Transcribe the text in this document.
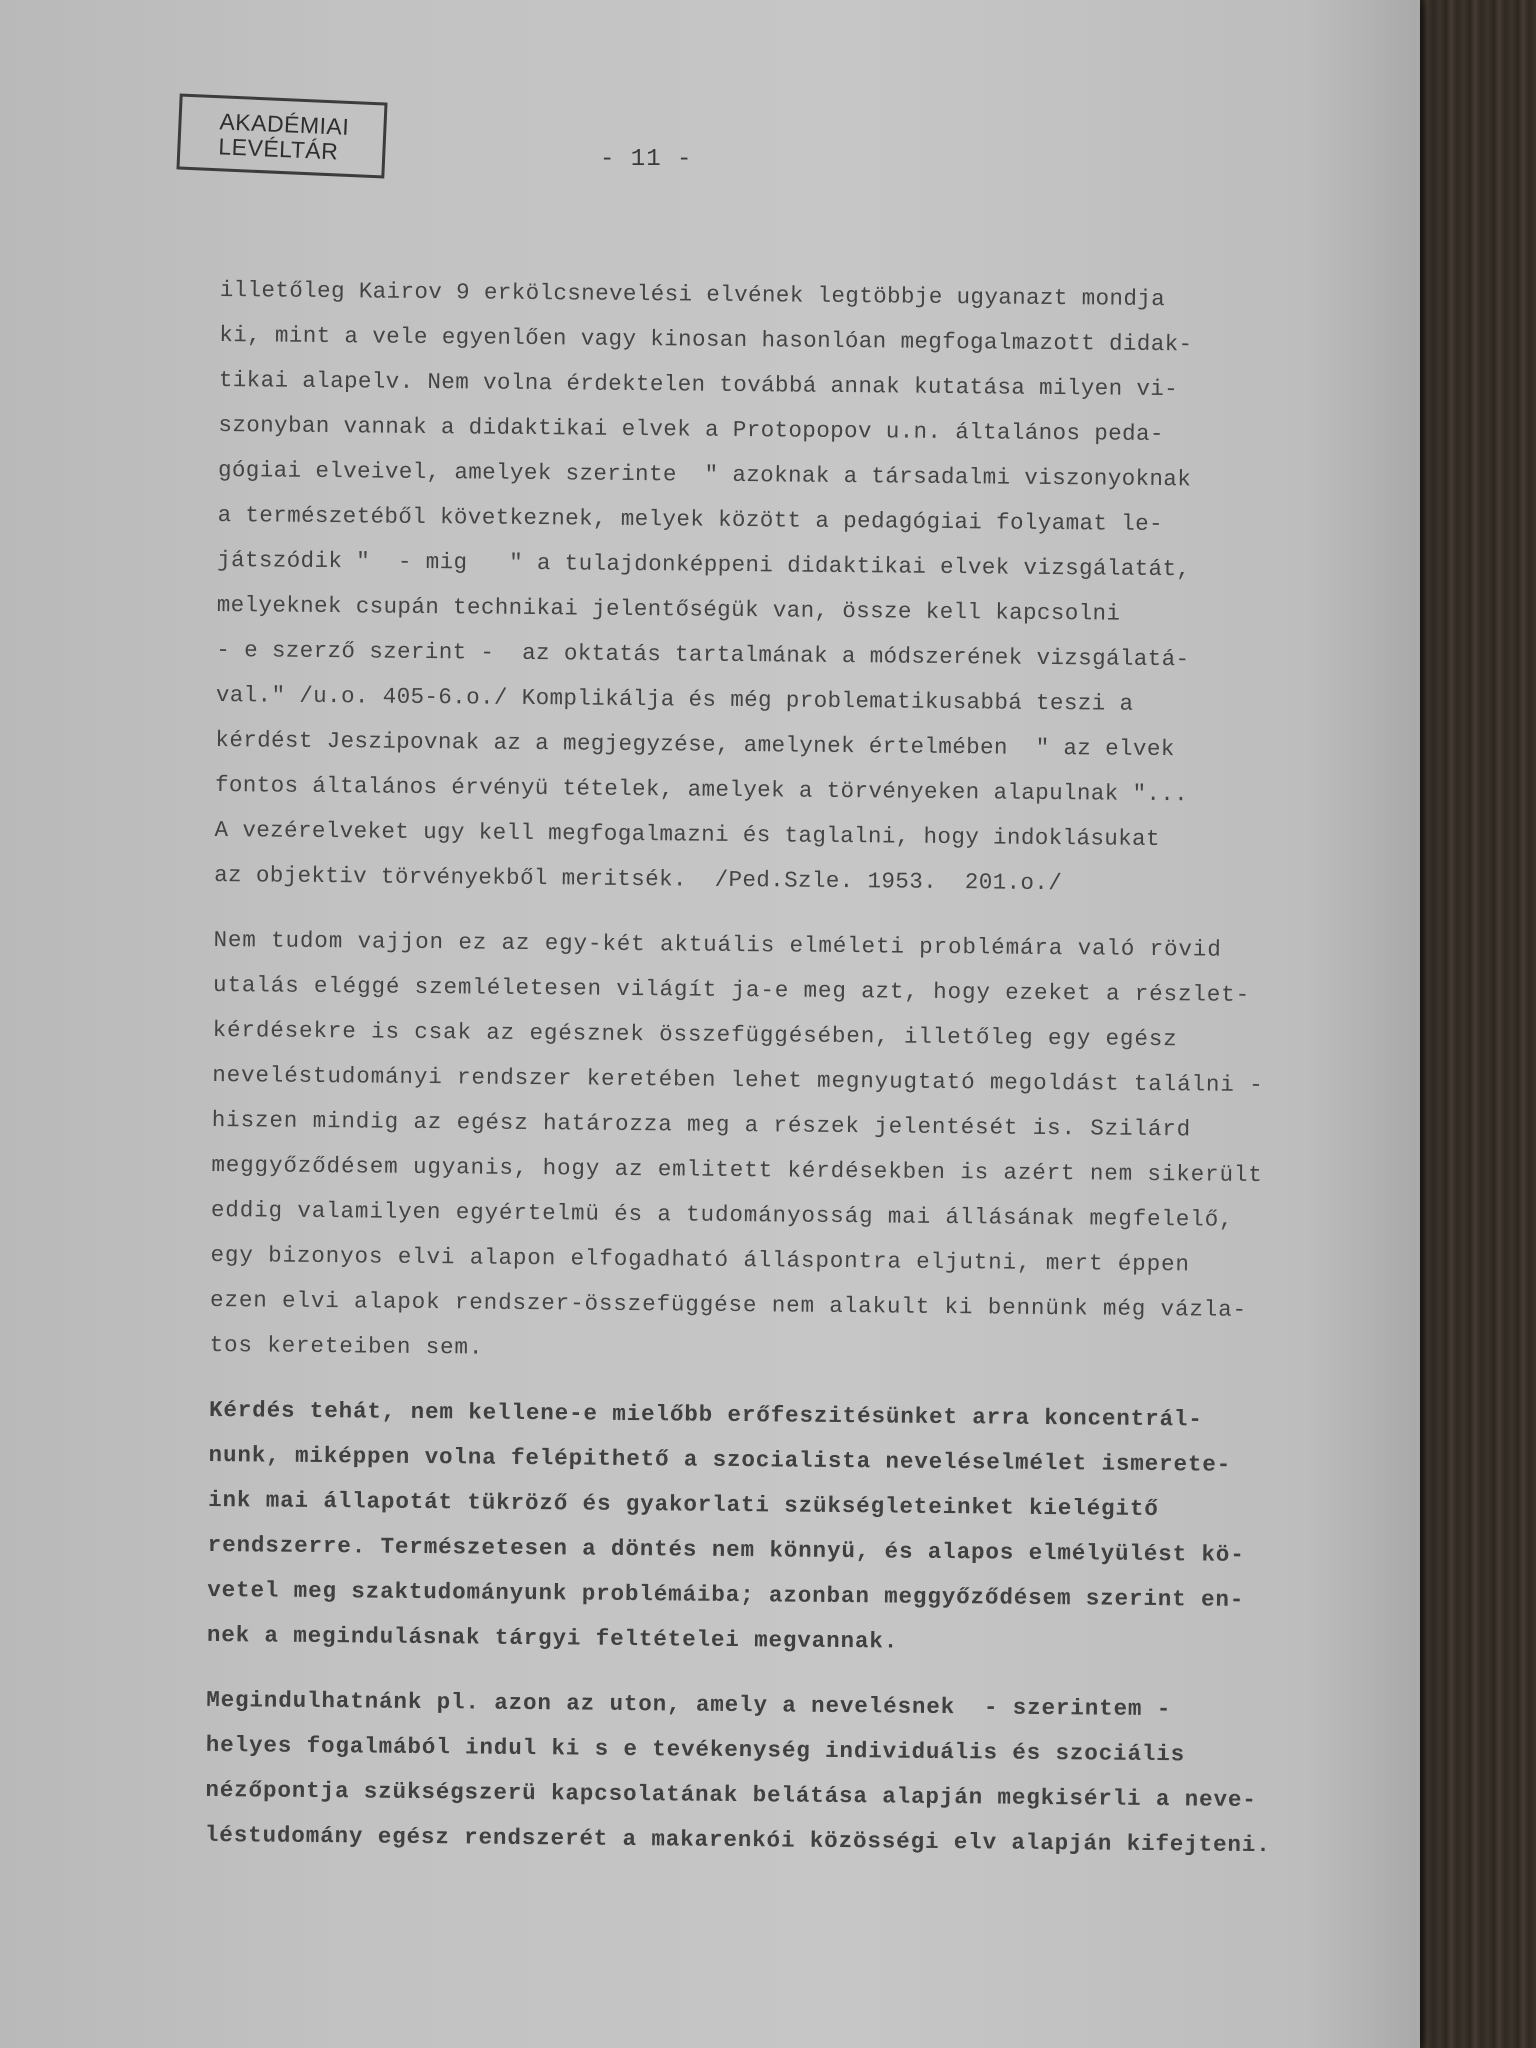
AKADÉMIAI
LEVÉLTÁR	- 11 -
illetőleg Kairov 9 erkölcsnevelési elvének legtöbbje ugyanazt mondja
ki, mint a vele egyenlően vagy kinosan hasonlóan megfogalmazott didak-
tikai alapelv. Nem volna érdektelen továbbá annak kutatása milyen vi-
szonyban vannak a didaktikai elvek a Protopopov u.n. általános peda-
gógiai elveivel, amelyek szerinte  " azoknak a társadalmi viszonyoknak
a természetéből következnek, melyek között a pedagógiai folyamat le-
játszódik "  - mig   " a tulajdonképpeni didaktikai elvek vizsgálatát,
melyeknek csupán technikai jelentőségük van, össze kell kapcsolni
- e szerző szerint -  az oktatás tartalmának a módszerének vizsgálatá-
val." /u.o. 405-6.o./ Komplikálja és még problematikusabbá teszi a
kérdést Jeszipovnak az a megjegyzése, amelynek értelmében  " az elvek
fontos általános érvényü tételek, amelyek a törvényeken alapulnak "...
A vezérelveket ugy kell megfogalmazni és taglalni, hogy indoklásukat
az objektiv törvényekből meritsék.  /Ped.Szle. 1953.  201.o./
Nem tudom vajjon ez az egy-két aktuális elméleti problémára való rövid
utalás eléggé szemléletesen világít ja-e meg azt, hogy ezeket a részlet-
kérdésekre is csak az egésznek összefüggésében, illetőleg egy egész
neveléstudományi rendszer keretében lehet megnyugtató megoldást találni -
hiszen mindig az egész határozza meg a részek jelentését is. Szilárd
meggyőződésem ugyanis, hogy az emlitett kérdésekben is azért nem sikerült
eddig valamilyen egyértelmü és a tudományosság mai állásának megfelelő,
egy bizonyos elvi alapon elfogadható álláspontra eljutni, mert éppen
ezen elvi alapok rendszer-összefüggése nem alakult ki bennünk még vázla-
tos kereteiben sem.
Kérdés tehát, nem kellene-e mielőbb erőfeszitésünket arra koncentrál-
nunk, miképpen volna felépithető a szocialista neveléselmélet ismerete-
ink mai állapotát tükröző és gyakorlati szükségleteinket kielégitő
rendszerre. Természetesen a döntés nem könnyü, és alapos elmélyülést kö-
vetel meg szaktudományunk problémáiba; azonban meggyőződésem szerint en-
nek a megindulásnak tárgyi feltételei megvannak.
Megindulhatnánk pl. azon az uton, amely a nevelésnek  - szerintem -
helyes fogalmából indul ki s e tevékenység individuális és szociális
nézőpontja szükségszerü kapcsolatának belátása alapján megkisérli a neve-
léstudomány egész rendszerét a makarenkói közösségi elv alapján kifejteni.
